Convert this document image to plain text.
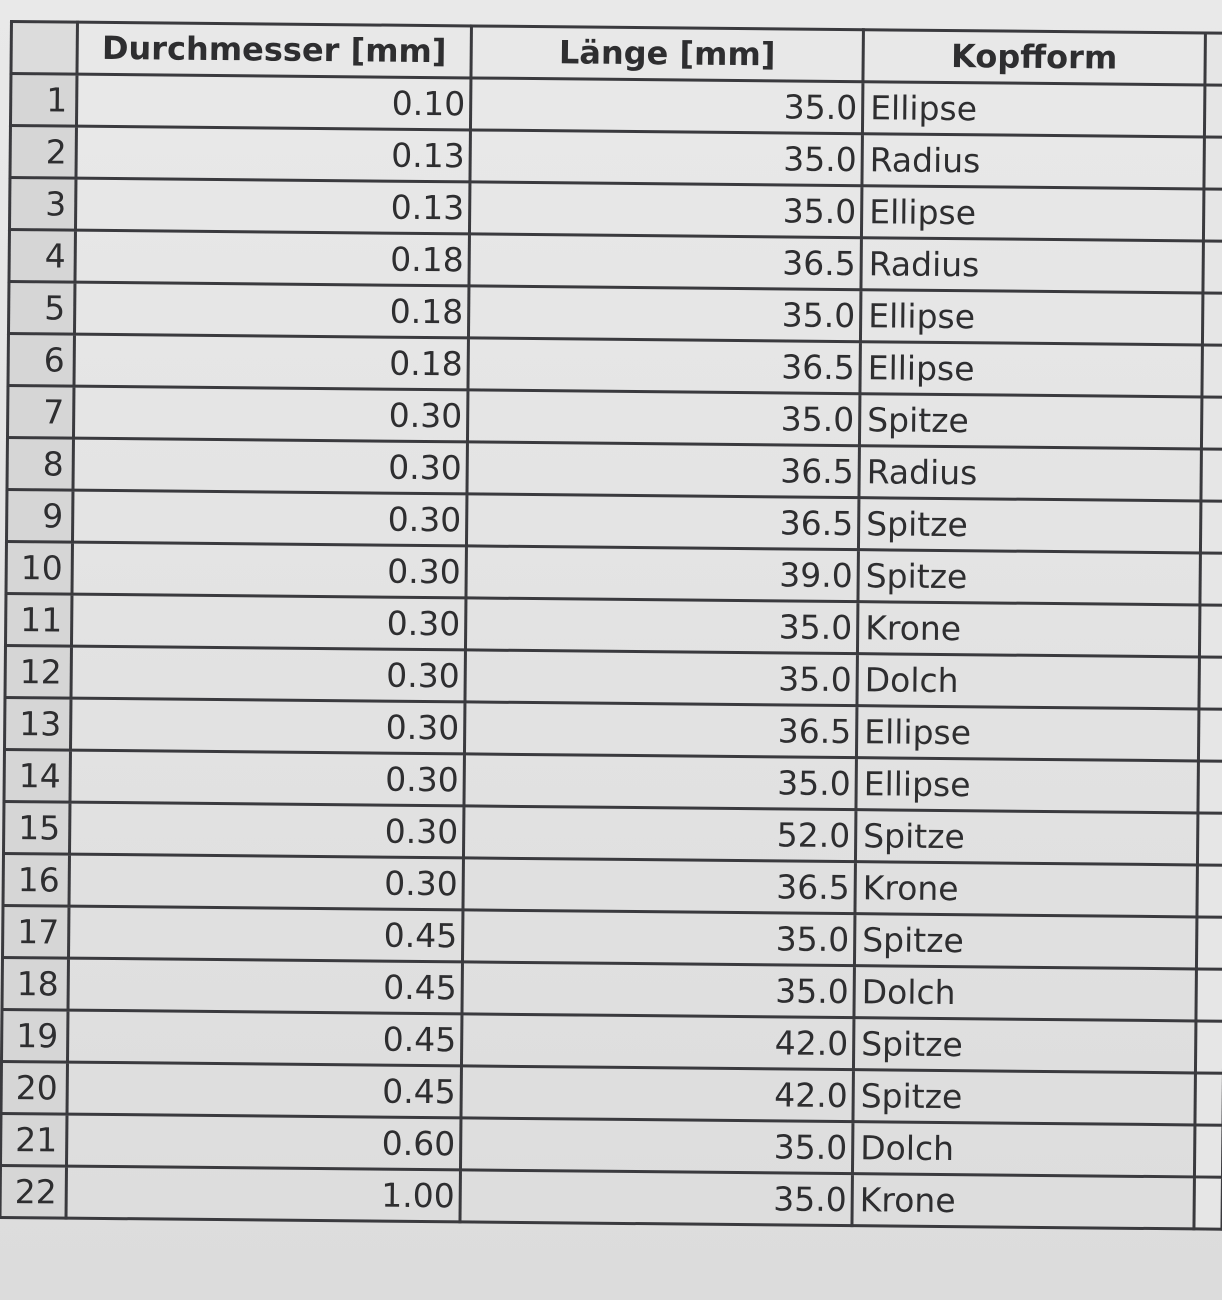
	Durchmesser [mm]	Länge [mm]	Kopfform	
1	0.10	35.0	Ellipse	
2	0.13	35.0	Radius	
3	0.13	35.0	Ellipse	
4	0.18	36.5	Radius	
5	0.18	35.0	Ellipse	
6	0.18	36.5	Ellipse	
7	0.30	35.0	Spitze	
8	0.30	36.5	Radius	
9	0.30	36.5	Spitze	
10	0.30	39.0	Spitze	
11	0.30	35.0	Krone	
12	0.30	35.0	Dolch	
13	0.30	36.5	Ellipse	
14	0.30	35.0	Ellipse	
15	0.30	52.0	Spitze	
16	0.30	36.5	Krone	
17	0.45	35.0	Spitze	
18	0.45	35.0	Dolch	
19	0.45	42.0	Spitze	
20	0.45	42.0	Spitze	
21	0.60	35.0	Dolch	
22	1.00	35.0	Krone	
